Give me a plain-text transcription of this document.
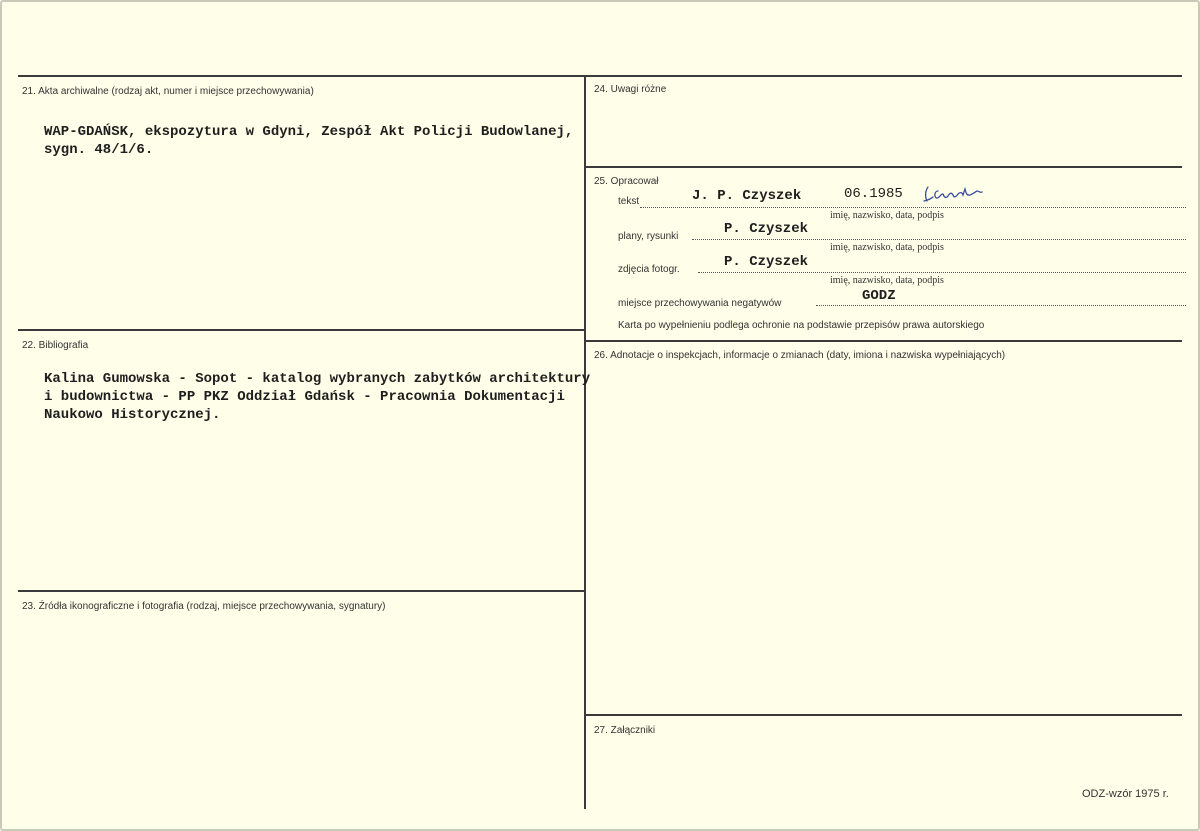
21. Akta archiwalne (rodzaj akt, numer i miejsce przechowywania)
WAP-GDAŃSK, ekspozytura w Gdyni, Zespół Akt Policji Budowlanej,
sygn. 48/1/6.
22. Bibliografia
Kalina Gumowska - Sopot - katalog wybranych zabytków architektury
i budownictwa - PP PKZ Oddział Gdańsk - Pracownia Dokumentacji
Naukowo Historycznej.
23. Źródła ikonograficzne i fotografia (rodzaj, miejsce przechowywania, sygnatury)
24. Uwagi różne
25. Opracował
tekst	J. P. Czyszek	06.1985
imię, nazwisko, data, podpis
plany, rysunki	P. Czyszek
imię, nazwisko, data, podpis
zdjęcia fotogr.	P. Czyszek
imię, nazwisko, data, podpis
miejsce przechowywania negatywów	GODZ
Karta po wypełnieniu podlega ochronie na podstawie przepisów prawa autorskiego
26. Adnotacje o inspekcjach, informacje o zmianach (daty, imiona i nazwiska wypełniających)
27. Załączniki
ODZ-wzór 1975 r.
